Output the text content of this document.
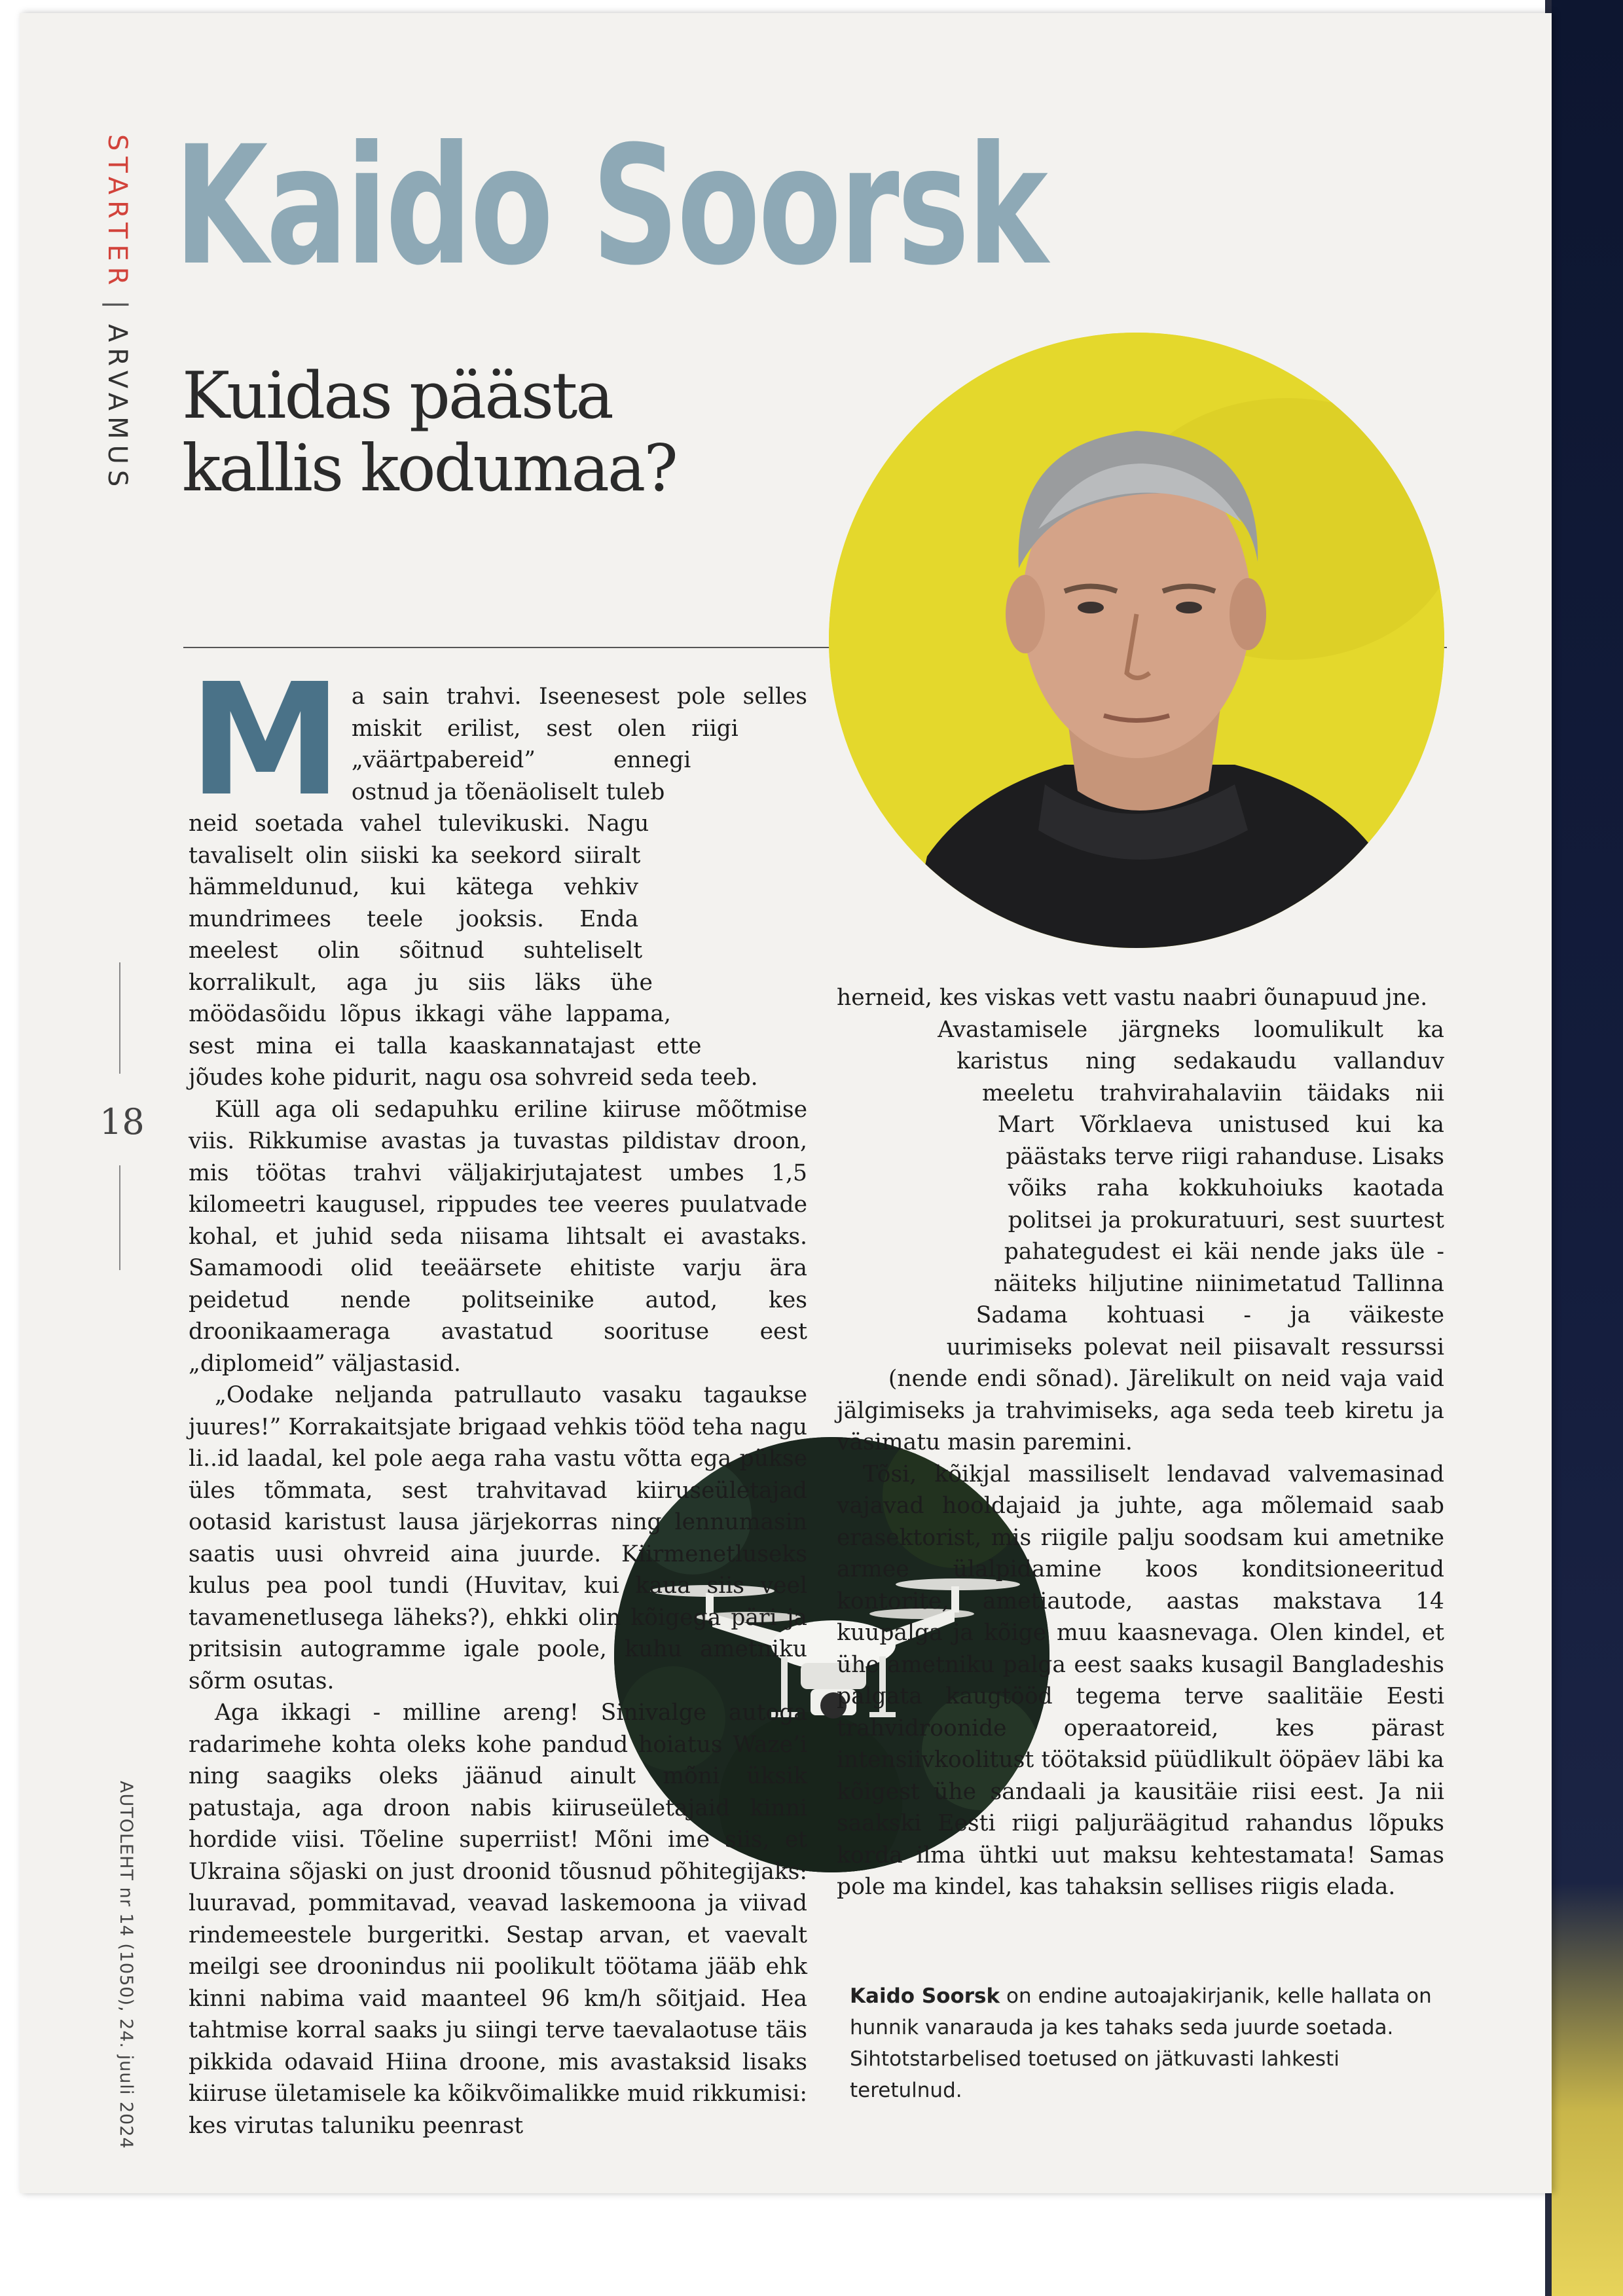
STARTER|ARVAMUS
18
AUTOLEHT nr 14 (1050), 24. juuli 2024
Kaido Soorsk
Kuidas päästa
kallis kodumaa?

Ma sain trahvi. Iseenesest pole selles miskit erilist, sest olen riigi „väärtpabereid” ennegi ostnud ja tõenäoliselt tuleb neid soetada vahel tulevikuski. Nagu tavaliselt olin siiski ka seekord siiralt hämmeldunud, kui kätega vehkiv mundrimees teele jooksis. Enda meelest olin sõitnud suhteliselt korralikult, aga ju siis läks ühe möödasõidu lõpus ikkagi vähe lappama, sest mina ei talla kaaskannatajast ette jõudes kohe pidurit, nagu osa sohvreid seda teeb.

Küll aga oli sedapuhku eriline kiiruse mõõtmise viis. Rikkumise avastas ja tuvastas pildistav droon, mis töötas trahvi väljakirjutajatest umbes 1,5 kilomeetri kaugusel, rippudes tee veeres puulatvade kohal, et juhid seda niisama lihtsalt ei avastaks. Samamoodi olid teeäärsete ehitiste varju ära peidetud nende politseinike autod, kes droonikaameraga avastatud soorituse eest „diplomeid” väljastasid.

„Oodake neljanda patrullauto vasaku tagaukse juures!” Korrakaitsjate brigaad vehkis tööd teha nagu li..id laadal, kel pole aega raha vastu võtta ega pükse üles tõmmata, sest trahvitavad kiiruseületajad ootasid karistust lausa järjekorras ning lennumasin saatis uusi ohvreid aina juurde. Kiirmenetluseks kulus pea pool tundi (Huvitav, kui kaua siis veel tavamenetlusega läheks?), ehkki olin kõigega päri ja pritsisin autogramme igale poole, kuhu ametniku sõrm osutas.

Aga ikkagi - milline areng! Sinivalge autoga radarimehe kohta oleks kohe pandud hoiatus Waze’i ning saagiks oleks jäänud ainult mõni üksik patustaja, aga droon nabis kiiruseületajaid kinni hordide viisi. Tõeline superriist! Mõni ime siis, et Ukraina sõjaski on just droonid tõusnud põhitegijaks: luuravad, pommitavad, veavad laskemoona ja viivad rindemeestele burgeritki. Sestap arvan, et vaevalt meilgi see droonindus nii poolikult töötama jääb ehk kinni nabima vaid maanteel 96 km/h sõitjaid. Hea tahtmise korral saaks ju siingi terve taevalaotuse täis pikkida odavaid Hiina droone, mis avastaksid lisaks kiiruse ületamisele ka kõikvõimalikke muid rikkumisi: kes virutas taluniku peenrast

herneid, kes viskas vett vastu naabri õunapuud jne.

Avastamisele järgneks loomulikult ka karistus ning sedakaudu vallanduv meeletu trahvirahalaviin täidaks nii Mart Võrklaeva unistused kui ka päästaks terve riigi rahanduse. Lisaks võiks raha kokkuhoiuks kaotada politsei ja prokuratuuri, sest suurtest pahategudest ei käi nende jaks üle - näiteks hiljutine niinimetatud Tallinna Sadama kohtuasi - ja väikeste uurimiseks polevat neil piisavalt ressurssi (nende endi sõnad). Järelikult on neid vaja vaid jälgimiseks ja trahvimiseks, aga seda teeb kiretu ja väsimatu masin paremini.

Tõsi, kõikjal massiliselt lendavad valvemasinad vajavad hooldajaid ja juhte, aga mõlemaid saab erasektorist, mis riigile palju soodsam kui ametnike armee ülalpidamine koos konditsioneeritud kontorite, ametiautode, aastas makstava 14 kuupalga ja kõige muu kaasnevaga. Olen kindel, et ühe ametniku palga eest saaks kusagil Bangladeshis palgata kaugtööd tegema terve saalitäie Eesti trahvidroonide operaatoreid, kes pärast intensiivkoolitust töötaksid püüdlikult ööpäev läbi ka kõigest ühe sandaali ja kausitäie riisi eest. Ja nii saakski Eesti riigi paljuräägitud rahandus lõpuks korda ilma ühtki uut maksu kehtestamata! Samas pole ma kindel, kas tahaksin sellises riigis elada.

Kaido Soorsk on endine autoajakirjanik, kelle hallata on hunnik vanarauda ja kes tahaks seda juurde soetada. Sihtotstarbelised toetused on jätkuvasti lahkesti teretulnud.
